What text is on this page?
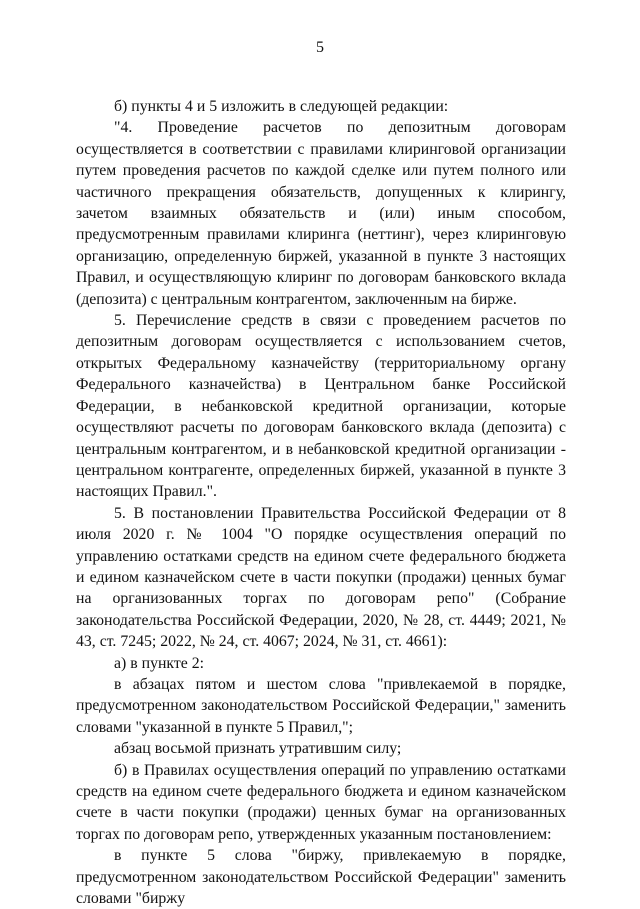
5

б) пункты 4 и 5 изложить в следующей редакции:

"4. Проведение расчетов по депозитным договорам осуществляется в соответствии с правилами клиринговой организации путем проведения расчетов по каждой сделке или путем полного или частичного прекращения обязательств, допущенных к клирингу, зачетом взаимных обязательств и (или) иным способом, предусмотренным правилами клиринга (неттинг), через клиринговую организацию, определенную биржей, указанной в пункте 3 настоящих Правил, и осуществляющую клиринг по договорам банковского вклада (депозита) с центральным контрагентом, заключенным на бирже.

5. Перечисление средств в связи с проведением расчетов по депозитным договорам осуществляется с использованием счетов, открытых Федеральному казначейству (территориальному органу Федерального казначейства) в Центральном банке Российской Федерации, в небанковской кредитной организации, которые осуществляют расчеты по договорам банковского вклада (депозита) с центральным контрагентом, и в небанковской кредитной организации - центральном контрагенте, определенных биржей, указанной в пункте 3 настоящих Правил.".

5. В постановлении Правительства Российской Федерации от 8 июля 2020 г. № 1004 "О порядке осуществления операций по управлению остатками средств на едином счете федерального бюджета и едином казначейском счете в части покупки (продажи) ценных бумаг на организованных торгах по договорам репо" (Собрание законодательства Российской Федерации, 2020, № 28, ст. 4449; 2021, № 43, ст. 7245; 2022, № 24, ст. 4067; 2024, № 31, ст. 4661):

а) в пункте 2:

в абзацах пятом и шестом слова "привлекаемой в порядке, предусмотренном законодательством Российской Федерации," заменить словами "указанной в пункте 5 Правил,";

абзац восьмой признать утратившим силу;

б) в Правилах осуществления операций по управлению остатками средств на едином счете федерального бюджета и едином казначейском счете в части покупки (продажи) ценных бумаг на организованных торгах по договорам репо, утвержденных указанным постановлением:

в пункте 5 слова "биржу, привлекаемую в порядке, предусмотренном законодательством Российской Федерации" заменить словами "биржу
